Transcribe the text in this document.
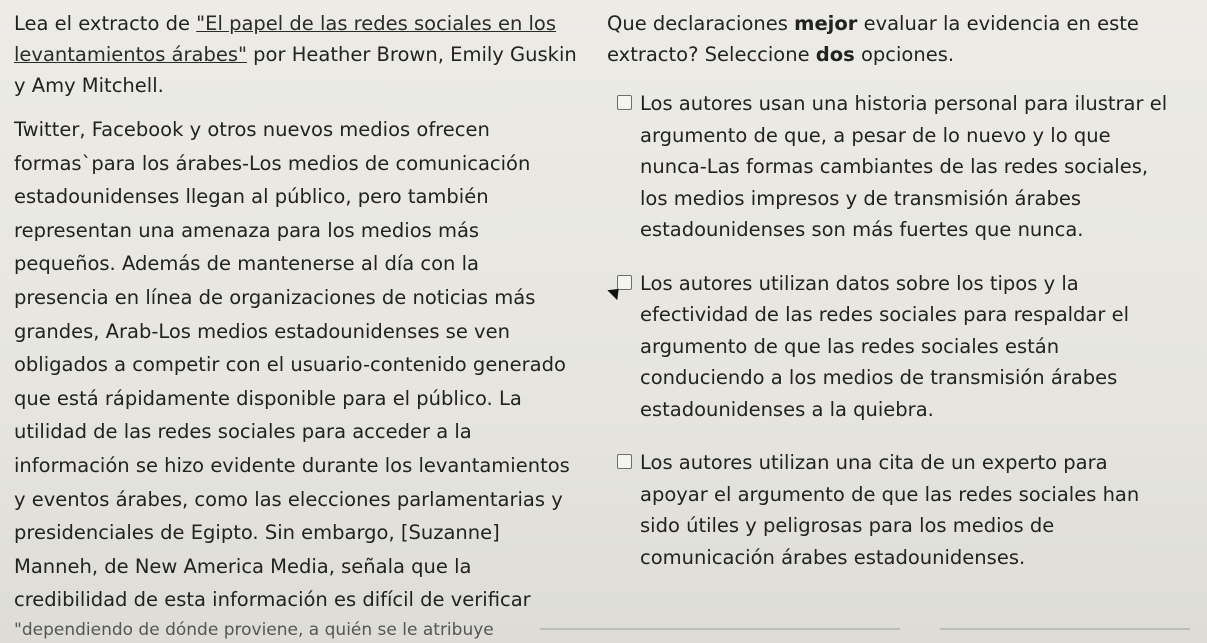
Lea el extracto de "El papel de las redes sociales en los levantamientos árabes" por Heather Brown, Emily Guskin y Amy Mitchell.

Twitter, Facebook y otros nuevos medios ofrecen
formas`para los árabes-Los medios de comunicación
estadounidenses llegan al público, pero también
representan una amenaza para los medios más
pequeños. Además de mantenerse al día con la
presencia en línea de organizaciones de noticias más
grandes, Arab-Los medios estadounidenses se ven
obligados a competir con el usuario-contenido generado
que está rápidamente disponible para el público. La
utilidad de las redes sociales para acceder a la
información se hizo evidente durante los levantamientos
y eventos árabes, como las elecciones parlamentarias y
presidenciales de Egipto. Sin embargo, [Suzanne]
Manneh, de New America Media, señala que la
credibilidad de esta información es difícil de verificar

"dependiendo de dónde proviene, a quién se le atribuye

Que declaraciones mejor evaluar la evidencia en este extracto? Seleccione dos opciones.
Los autores usan una historia personal para ilustrar el
argumento de que, a pesar de lo nuevo y lo que
nunca-Las formas cambiantes de las redes sociales,
los medios impresos y de transmisión árabes
estadounidenses son más fuertes que nunca.
Los autores utilizan datos sobre los tipos y la
efectividad de las redes sociales para respaldar el
argumento de que las redes sociales están
conduciendo a los medios de transmisión árabes
estadounidenses a la quiebra.
Los autores utilizan una cita de un experto para
apoyar el argumento de que las redes sociales han
sido útiles y peligrosas para los medios de
comunicación árabes estadounidenses.
